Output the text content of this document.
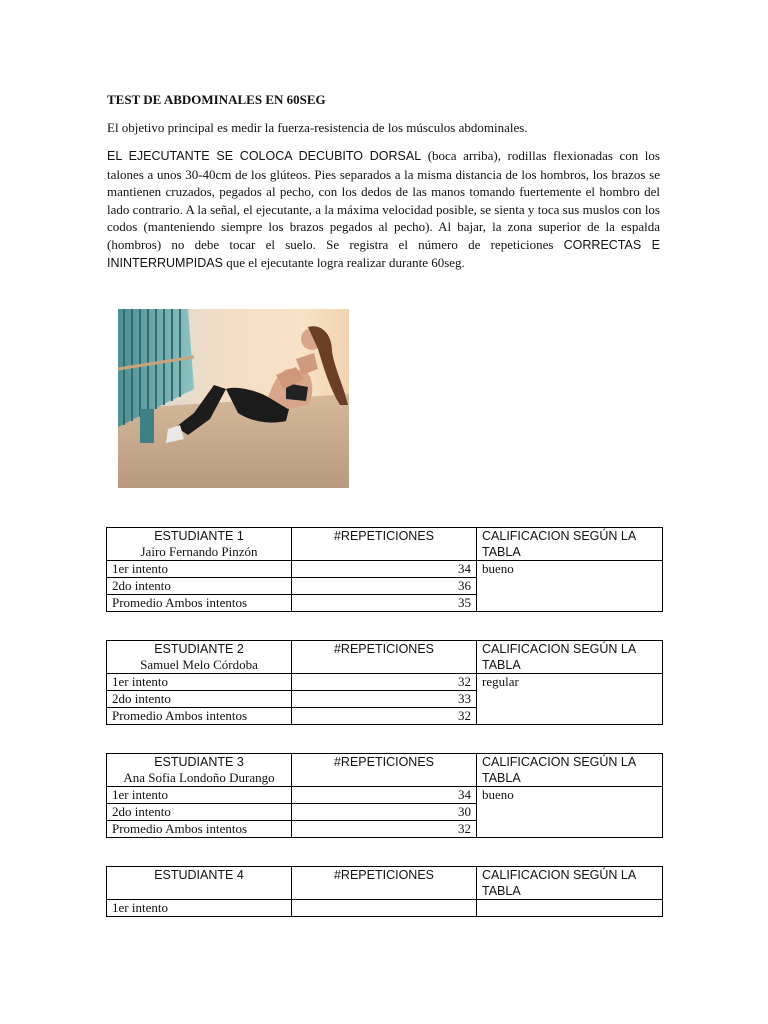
TEST DE ABDOMINALES EN 60SEG
El objetivo principal es medir la fuerza-resistencia de los músculos abdominales.
EL EJECUTANTE SE COLOCA DECUBITO DORSAL (boca arriba), rodillas flexionadas con los talones a unos 30-40cm de los glúteos. Pies separados a la misma distancia de los hombros, los brazos se mantienen cruzados, pegados al pecho, con los dedos de las manos tomando fuertemente el hombro del lado contrario. A la señal, el ejecutante, a la máxima velocidad posible, se sienta y toca sus muslos con los codos (manteniendo siempre los brazos pegados al pecho). Al bajar, la zona superior de la espalda (hombros) no debe tocar el suelo. Se registra el número de repeticiones CORRECTAS E ININTERRUMPIDAS que el ejecutante logra realizar durante 60seg.
ESTUDIANTE 1
Jairo Fernando Pinzón	#REPETICIONES	CALIFICACION SEGÚN LA TABLA
1er intento	34	bueno
2do intento	36	
Promedio Ambos intentos	35	
ESTUDIANTE 2
Samuel Melo Córdoba	#REPETICIONES	CALIFICACION SEGÚN LA TABLA
1er intento	32	regular
2do intento	33	
Promedio Ambos intentos	32	
ESTUDIANTE 3
Ana Sofia Londoño Durango	#REPETICIONES	CALIFICACION SEGÚN LA TABLA
1er intento	34	bueno
2do intento	30	
Promedio Ambos intentos	32	
ESTUDIANTE 4	#REPETICIONES	CALIFICACION SEGÚN LA TABLA
1er intento		
